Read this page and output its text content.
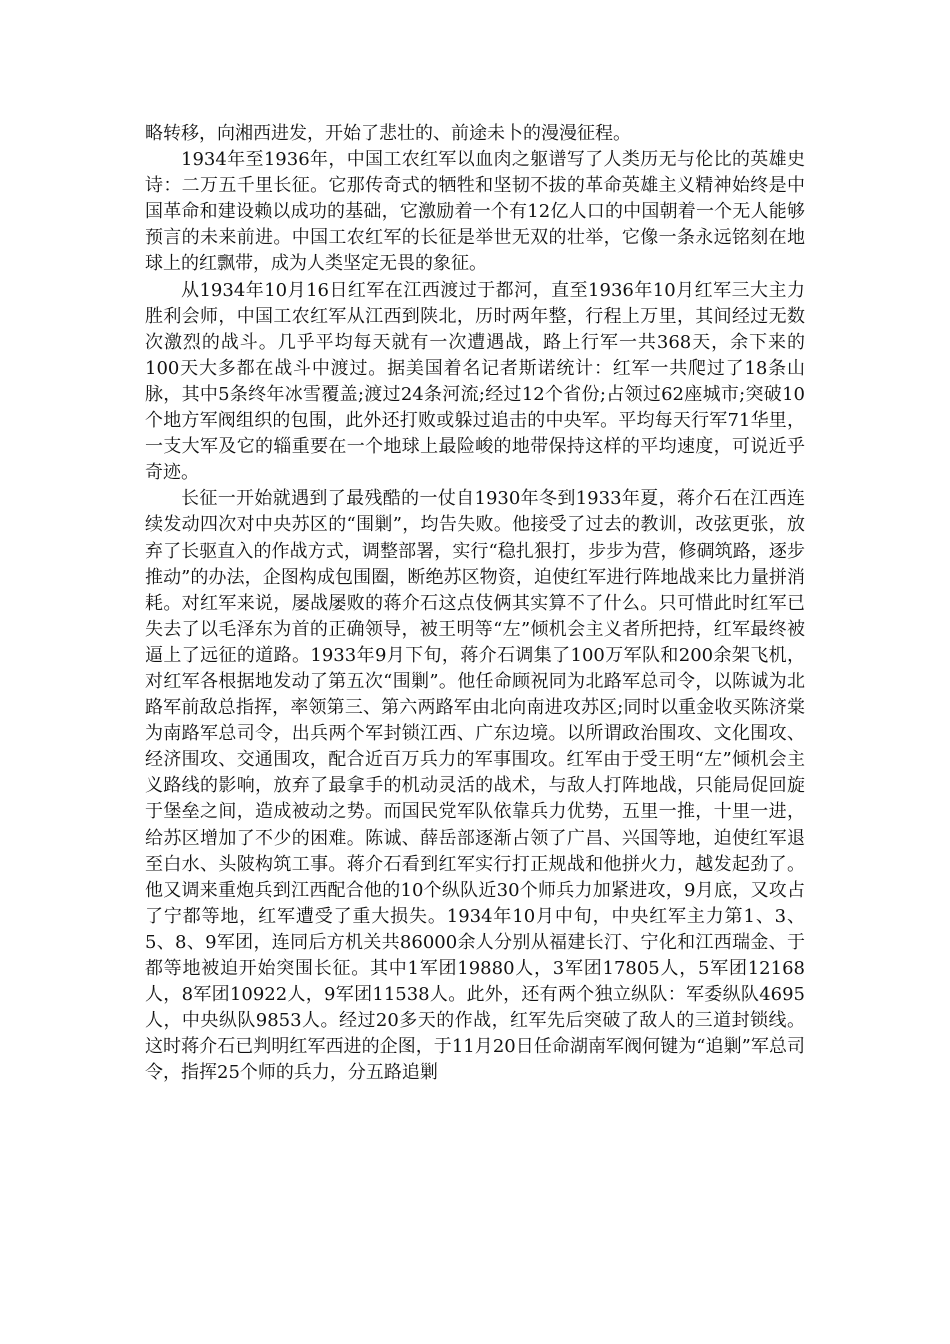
略转移，向湘西进发，开始了悲壮的、前途未卜的漫漫征程。

1934年至1936年，中国工农红军以血肉之躯谱写了人类历无与伦比的英雄史诗：二万五千里长征。它那传奇式的牺牲和坚韧不拔的革命英雄主义精神始终是中国革命和建设赖以成功的基础，它激励着一个有12亿人口的中国朝着一个无人能够预言的未来前进。中国工农红军的长征是举世无双的壮举，它像一条永远铭刻在地球上的红飘带，成为人类坚定无畏的象征。

从1934年10月16日红军在江西渡过于都河，直至1936年10月红军三大主力胜利会师，中国工农红军从江西到陕北，历时两年整，行程上万里，其间经过无数次激烈的战斗。几乎平均每天就有一次遭遇战，路上行军一共368天，余下来的100天大多都在战斗中渡过。据美国着名记者斯诺统计：红军一共爬过了18条山脉，其中5条终年冰雪覆盖;渡过24条河流;经过12个省份;占领过62座城市;突破10个地方军阀组织的包围，此外还打败或躲过追击的中央军。平均每天行军71华里，一支大军及它的辎重要在一个地球上最险峻的地带保持这样的平均速度，可说近乎奇迹。

长征一开始就遇到了最残酷的一仗自1930年冬到1933年夏，蒋介石在江西连续发动四次对中央苏区的“围剿”，均告失败。他接受了过去的教训，改弦更张，放弃了长驱直入的作战方式，调整部署，实行“稳扎狠打，步步为营，修碉筑路，逐步推动”的办法，企图构成包围圈，断绝苏区物资，迫使红军进行阵地战来比力量拼消耗。对红军来说，屡战屡败的蒋介石这点伎俩其实算不了什么。只可惜此时红军已失去了以毛泽东为首的正确领导，被王明等“左”倾机会主义者所把持，红军最终被逼上了远征的道路。1933年9月下旬，蒋介石调集了100万军队和200余架飞机，对红军各根据地发动了第五次“围剿”。他任命顾祝同为北路军总司令，以陈诚为北路军前敌总指挥，率领第三、第六两路军由北向南进攻苏区;同时以重金收买陈济棠为南路军总司令，出兵两个军封锁江西、广东边境。以所谓政治围攻、文化围攻、经济围攻、交通围攻，配合近百万兵力的军事围攻。红军由于受王明“左”倾机会主义路线的影响，放弃了最拿手的机动灵活的战术，与敌人打阵地战，只能局促回旋于堡垒之间，造成被动之势。而国民党军队依靠兵力优势，五里一推，十里一进，给苏区增加了不少的困难。陈诚、薛岳部逐渐占领了广昌、兴国等地，迫使红军退至白水、头陂构筑工事。蒋介石看到红军实行打正规战和他拼火力，越发起劲了。他又调来重炮兵到江西配合他的10个纵队近30个师兵力加紧进攻，9月底，又攻占了宁都等地，红军遭受了重大损失。1934年10月中旬，中央红军主力第1、3、5、8、9军团，连同后方机关共86000余人分别从福建长汀、宁化和江西瑞金、于都等地被迫开始突围长征。其中1军团19880人，3军团17805人，5军团12168人，8军团10922人，9军团11538人。此外，还有两个独立纵队：军委纵队4695人，中央纵队9853人。经过20多天的作战，红军先后突破了敌人的三道封锁线。这时蒋介石已判明红军西进的企图，于11月20日任命湖南军阀何键为“追剿”军总司令，指挥25个师的兵力，分五路追剿
